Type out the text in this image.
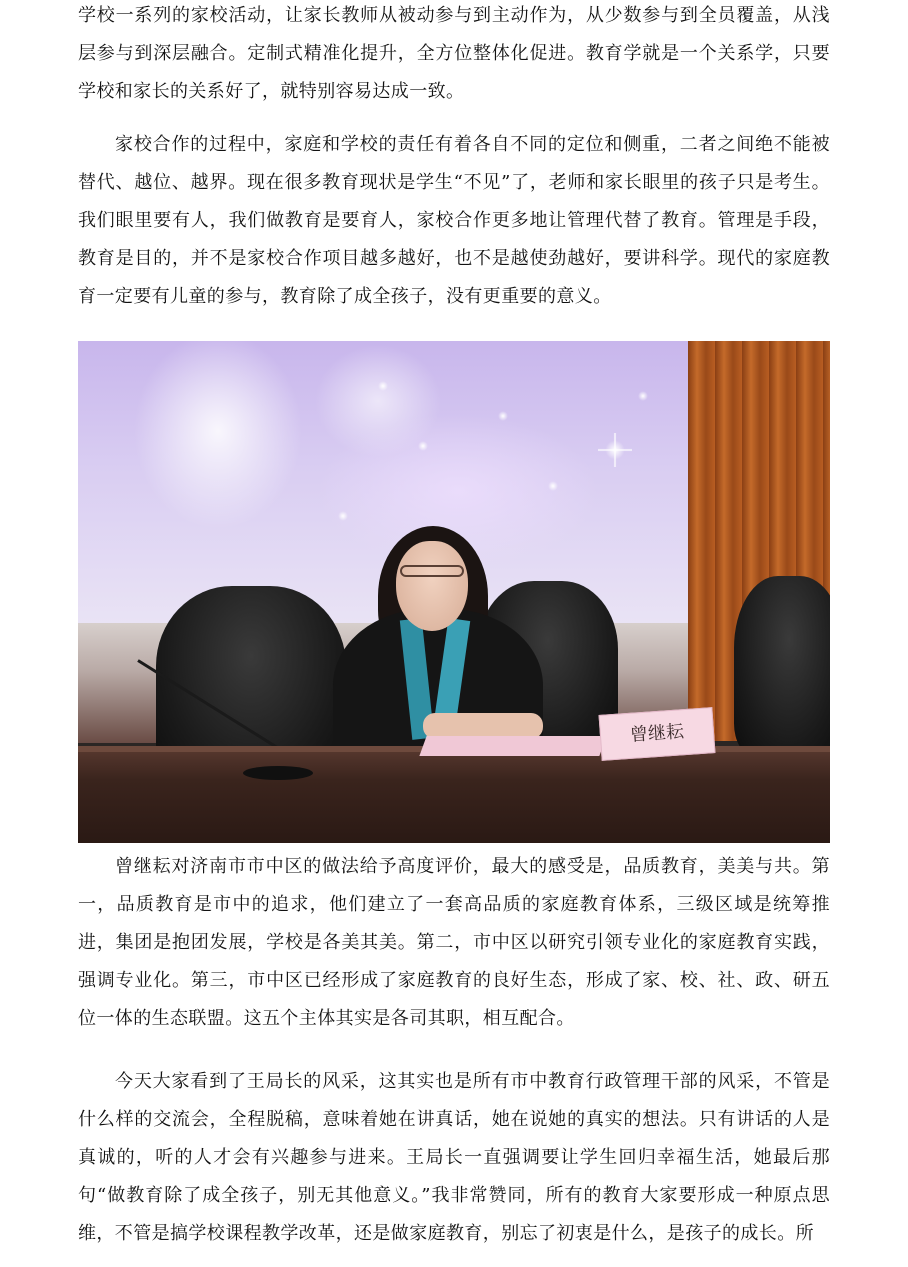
学校一系列的家校活动，让家长教师从被动参与到主动作为，从少数参与到全员覆盖，从浅层参与到深层融合。定制式精准化提升，全方位整体化促进。教育学就是一个关系学，只要学校和家长的关系好了，就特别容易达成一致。

家校合作的过程中，家庭和学校的责任有着各自不同的定位和侧重，二者之间绝不能被替代、越位、越界。现在很多教育现状是学生“不见”了，老师和家长眼里的孩子只是考生。我们眼里要有人，我们做教育是要育人，家校合作更多地让管理代替了教育。管理是手段，教育是目的，并不是家校合作项目越多越好，也不是越使劲越好，要讲科学。现代的家庭教育一定要有儿童的参与，教育除了成全孩子，没有更重要的意义。

曾继耘

曾继耘对济南市市中区的做法给予高度评价，最大的感受是，品质教育，美美与共。第一，品质教育是市中的追求，他们建立了一套高品质的家庭教育体系，三级区域是统筹推进，集团是抱团发展，学校是各美其美。第二，市中区以研究引领专业化的家庭教育实践，强调专业化。第三，市中区已经形成了家庭教育的良好生态，形成了家、校、社、政、研五位一体的生态联盟。这五个主体其实是各司其职，相互配合。

今天大家看到了王局长的风采，这其实也是所有市中教育行政管理干部的风采，不管是什么样的交流会，全程脱稿，意味着她在讲真话，她在说她的真实的想法。只有讲话的人是真诚的，听的人才会有兴趣参与进来。王局长一直强调要让学生回归幸福生活，她最后那句“做教育除了成全孩子，别无其他意义。”我非常赞同，所有的教育大家要形成一种原点思维，不管是搞学校课程教学改革，还是做家庭教育，别忘了初衷是什么，是孩子的成长。所
